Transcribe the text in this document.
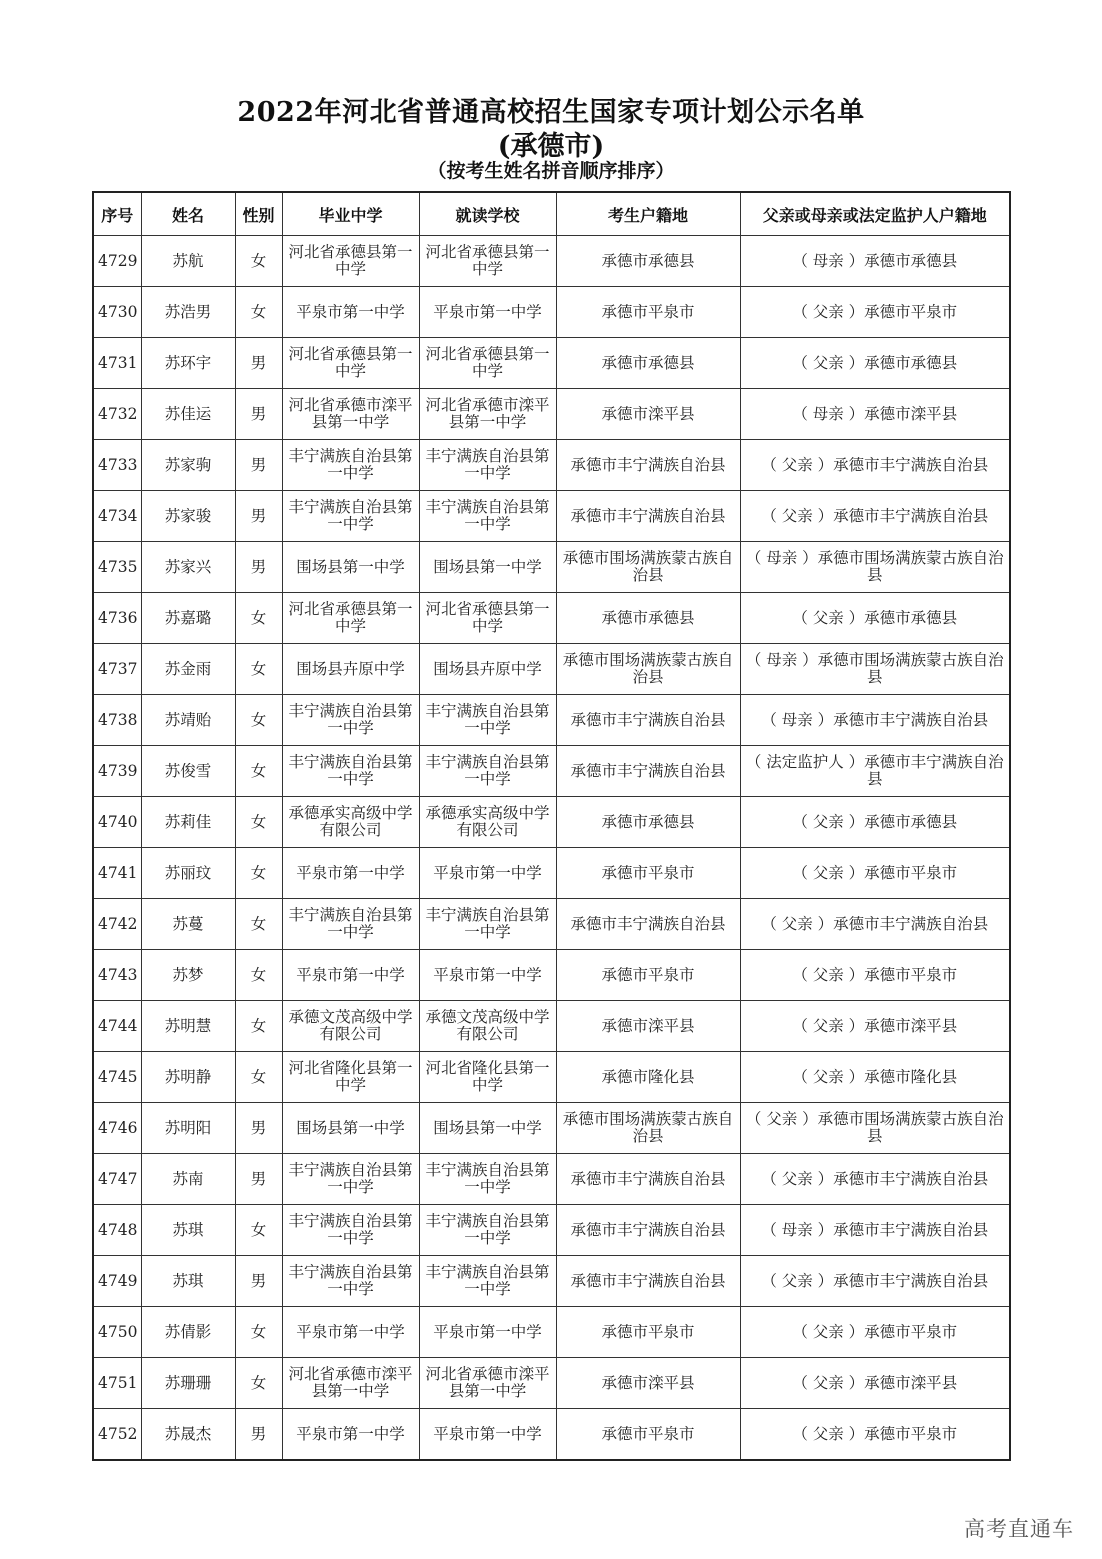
2022年河北省普通高校招生国家专项计划公示名单
(承德市)
（按考生姓名拼音顺序排序）
序号	姓名	性别	毕业中学	就读学校	考生户籍地	父亲或母亲或法定监护人户籍地
4729	苏航	女	河北省承德县第一中学	河北省承德县第一中学	承德市承德县	（ 母亲 ）承德市承德县
4730	苏浩男	女	平泉市第一中学	平泉市第一中学	承德市平泉市	（ 父亲 ）承德市平泉市
4731	苏环宇	男	河北省承德县第一中学	河北省承德县第一中学	承德市承德县	（ 父亲 ）承德市承德县
4732	苏佳运	男	河北省承德市滦平县第一中学	河北省承德市滦平县第一中学	承德市滦平县	（ 母亲 ）承德市滦平县
4733	苏家驹	男	丰宁满族自治县第一中学	丰宁满族自治县第一中学	承德市丰宁满族自治县	（ 父亲 ）承德市丰宁满族自治县
4734	苏家骏	男	丰宁满族自治县第一中学	丰宁满族自治县第一中学	承德市丰宁满族自治县	（ 父亲 ）承德市丰宁满族自治县
4735	苏家兴	男	围场县第一中学	围场县第一中学	承德市围场满族蒙古族自治县	（ 母亲 ）承德市围场满族蒙古族自治县
4736	苏嘉璐	女	河北省承德县第一中学	河北省承德县第一中学	承德市承德县	（ 父亲 ）承德市承德县
4737	苏金雨	女	围场县卉原中学	围场县卉原中学	承德市围场满族蒙古族自治县	（ 母亲 ）承德市围场满族蒙古族自治县
4738	苏靖贻	女	丰宁满族自治县第一中学	丰宁满族自治县第一中学	承德市丰宁满族自治县	（ 母亲 ）承德市丰宁满族自治县
4739	苏俊雪	女	丰宁满族自治县第一中学	丰宁满族自治县第一中学	承德市丰宁满族自治县	（ 法定监护人 ）承德市丰宁满族自治县
4740	苏莉佳	女	承德承实高级中学有限公司	承德承实高级中学有限公司	承德市承德县	（ 父亲 ）承德市承德县
4741	苏丽玟	女	平泉市第一中学	平泉市第一中学	承德市平泉市	（ 父亲 ）承德市平泉市
4742	苏蔓	女	丰宁满族自治县第一中学	丰宁满族自治县第一中学	承德市丰宁满族自治县	（ 父亲 ）承德市丰宁满族自治县
4743	苏梦	女	平泉市第一中学	平泉市第一中学	承德市平泉市	（ 父亲 ）承德市平泉市
4744	苏明慧	女	承德文茂高级中学有限公司	承德文茂高级中学有限公司	承德市滦平县	（ 父亲 ）承德市滦平县
4745	苏明静	女	河北省隆化县第一中学	河北省隆化县第一中学	承德市隆化县	（ 父亲 ）承德市隆化县
4746	苏明阳	男	围场县第一中学	围场县第一中学	承德市围场满族蒙古族自治县	（ 父亲 ）承德市围场满族蒙古族自治县
4747	苏南	男	丰宁满族自治县第一中学	丰宁满族自治县第一中学	承德市丰宁满族自治县	（ 父亲 ）承德市丰宁满族自治县
4748	苏琪	女	丰宁满族自治县第一中学	丰宁满族自治县第一中学	承德市丰宁满族自治县	（ 母亲 ）承德市丰宁满族自治县
4749	苏琪	男	丰宁满族自治县第一中学	丰宁满族自治县第一中学	承德市丰宁满族自治县	（ 父亲 ）承德市丰宁满族自治县
4750	苏倩影	女	平泉市第一中学	平泉市第一中学	承德市平泉市	（ 父亲 ）承德市平泉市
4751	苏珊珊	女	河北省承德市滦平县第一中学	河北省承德市滦平县第一中学	承德市滦平县	（ 父亲 ）承德市滦平县
4752	苏晟杰	男	平泉市第一中学	平泉市第一中学	承德市平泉市	（ 父亲 ）承德市平泉市
高考直通车
